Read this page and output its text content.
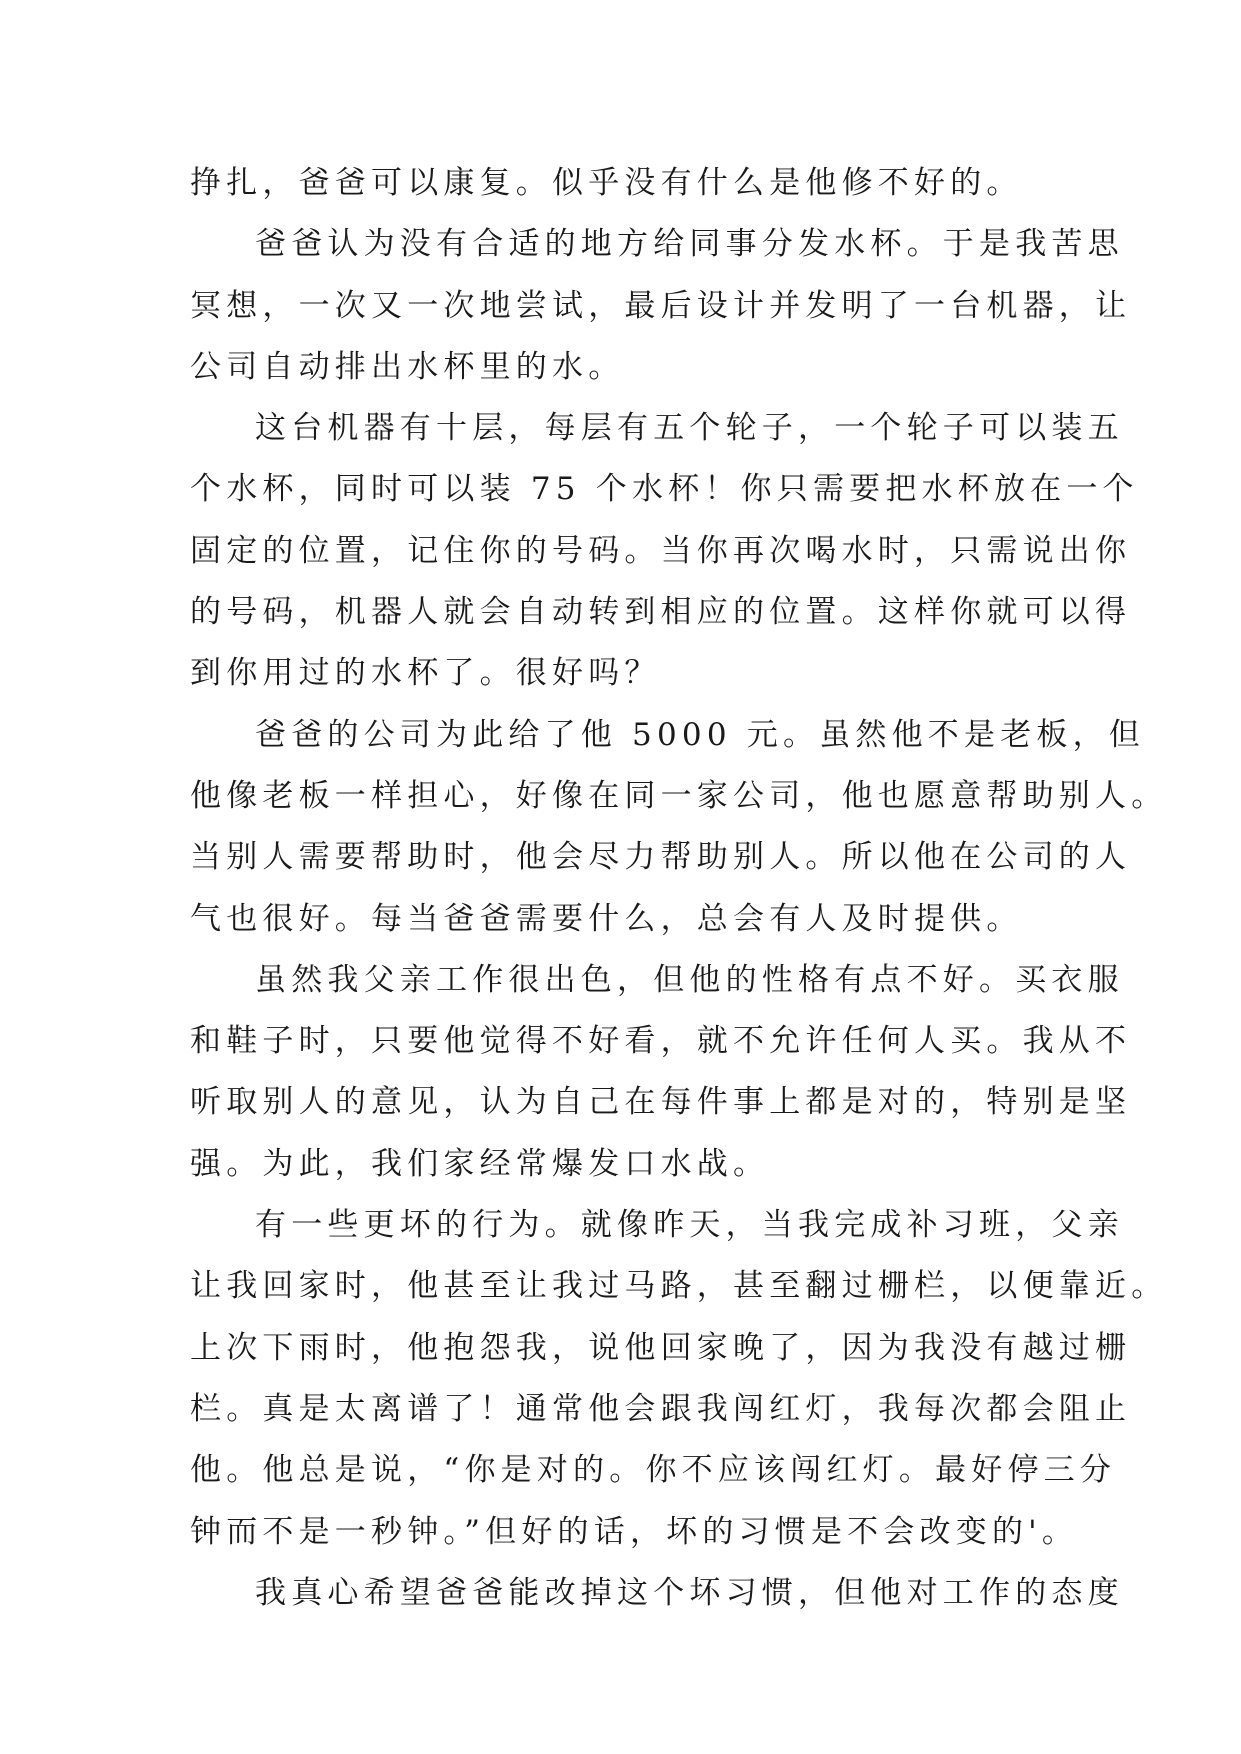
挣扎，爸爸可以康复。似乎没有什么是他修不好的。
爸爸认为没有合适的地方给同事分发水杯。于是我苦思
冥想，一次又一次地尝试，最后设计并发明了一台机器，让
公司自动排出水杯里的水。
这台机器有十层，每层有五个轮子，一个轮子可以装五
个水杯，同时可以装 75 个水杯！你只需要把水杯放在一个
固定的位置，记住你的号码。当你再次喝水时，只需说出你
的号码，机器人就会自动转到相应的位置。这样你就可以得
到你用过的水杯了。很好吗？
爸爸的公司为此给了他 5000 元。虽然他不是老板，但
他像老板一样担心，好像在同一家公司，他也愿意帮助别人。
当别人需要帮助时，他会尽力帮助别人。所以他在公司的人
气也很好。每当爸爸需要什么，总会有人及时提供。
虽然我父亲工作很出色，但他的性格有点不好。买衣服
和鞋子时，只要他觉得不好看，就不允许任何人买。我从不
听取别人的意见，认为自己在每件事上都是对的，特别是坚
强。为此，我们家经常爆发口水战。
有一些更坏的行为。就像昨天，当我完成补习班，父亲
让我回家时，他甚至让我过马路，甚至翻过栅栏，以便靠近。
上次下雨时，他抱怨我，说他回家晚了，因为我没有越过栅
栏。真是太离谱了！通常他会跟我闯红灯，我每次都会阻止
他。他总是说，“你是对的。你不应该闯红灯。最好停三分
钟而不是一秒钟。”但好的话，坏的习惯是不会改变的'。
我真心希望爸爸能改掉这个坏习惯，但他对工作的态度
